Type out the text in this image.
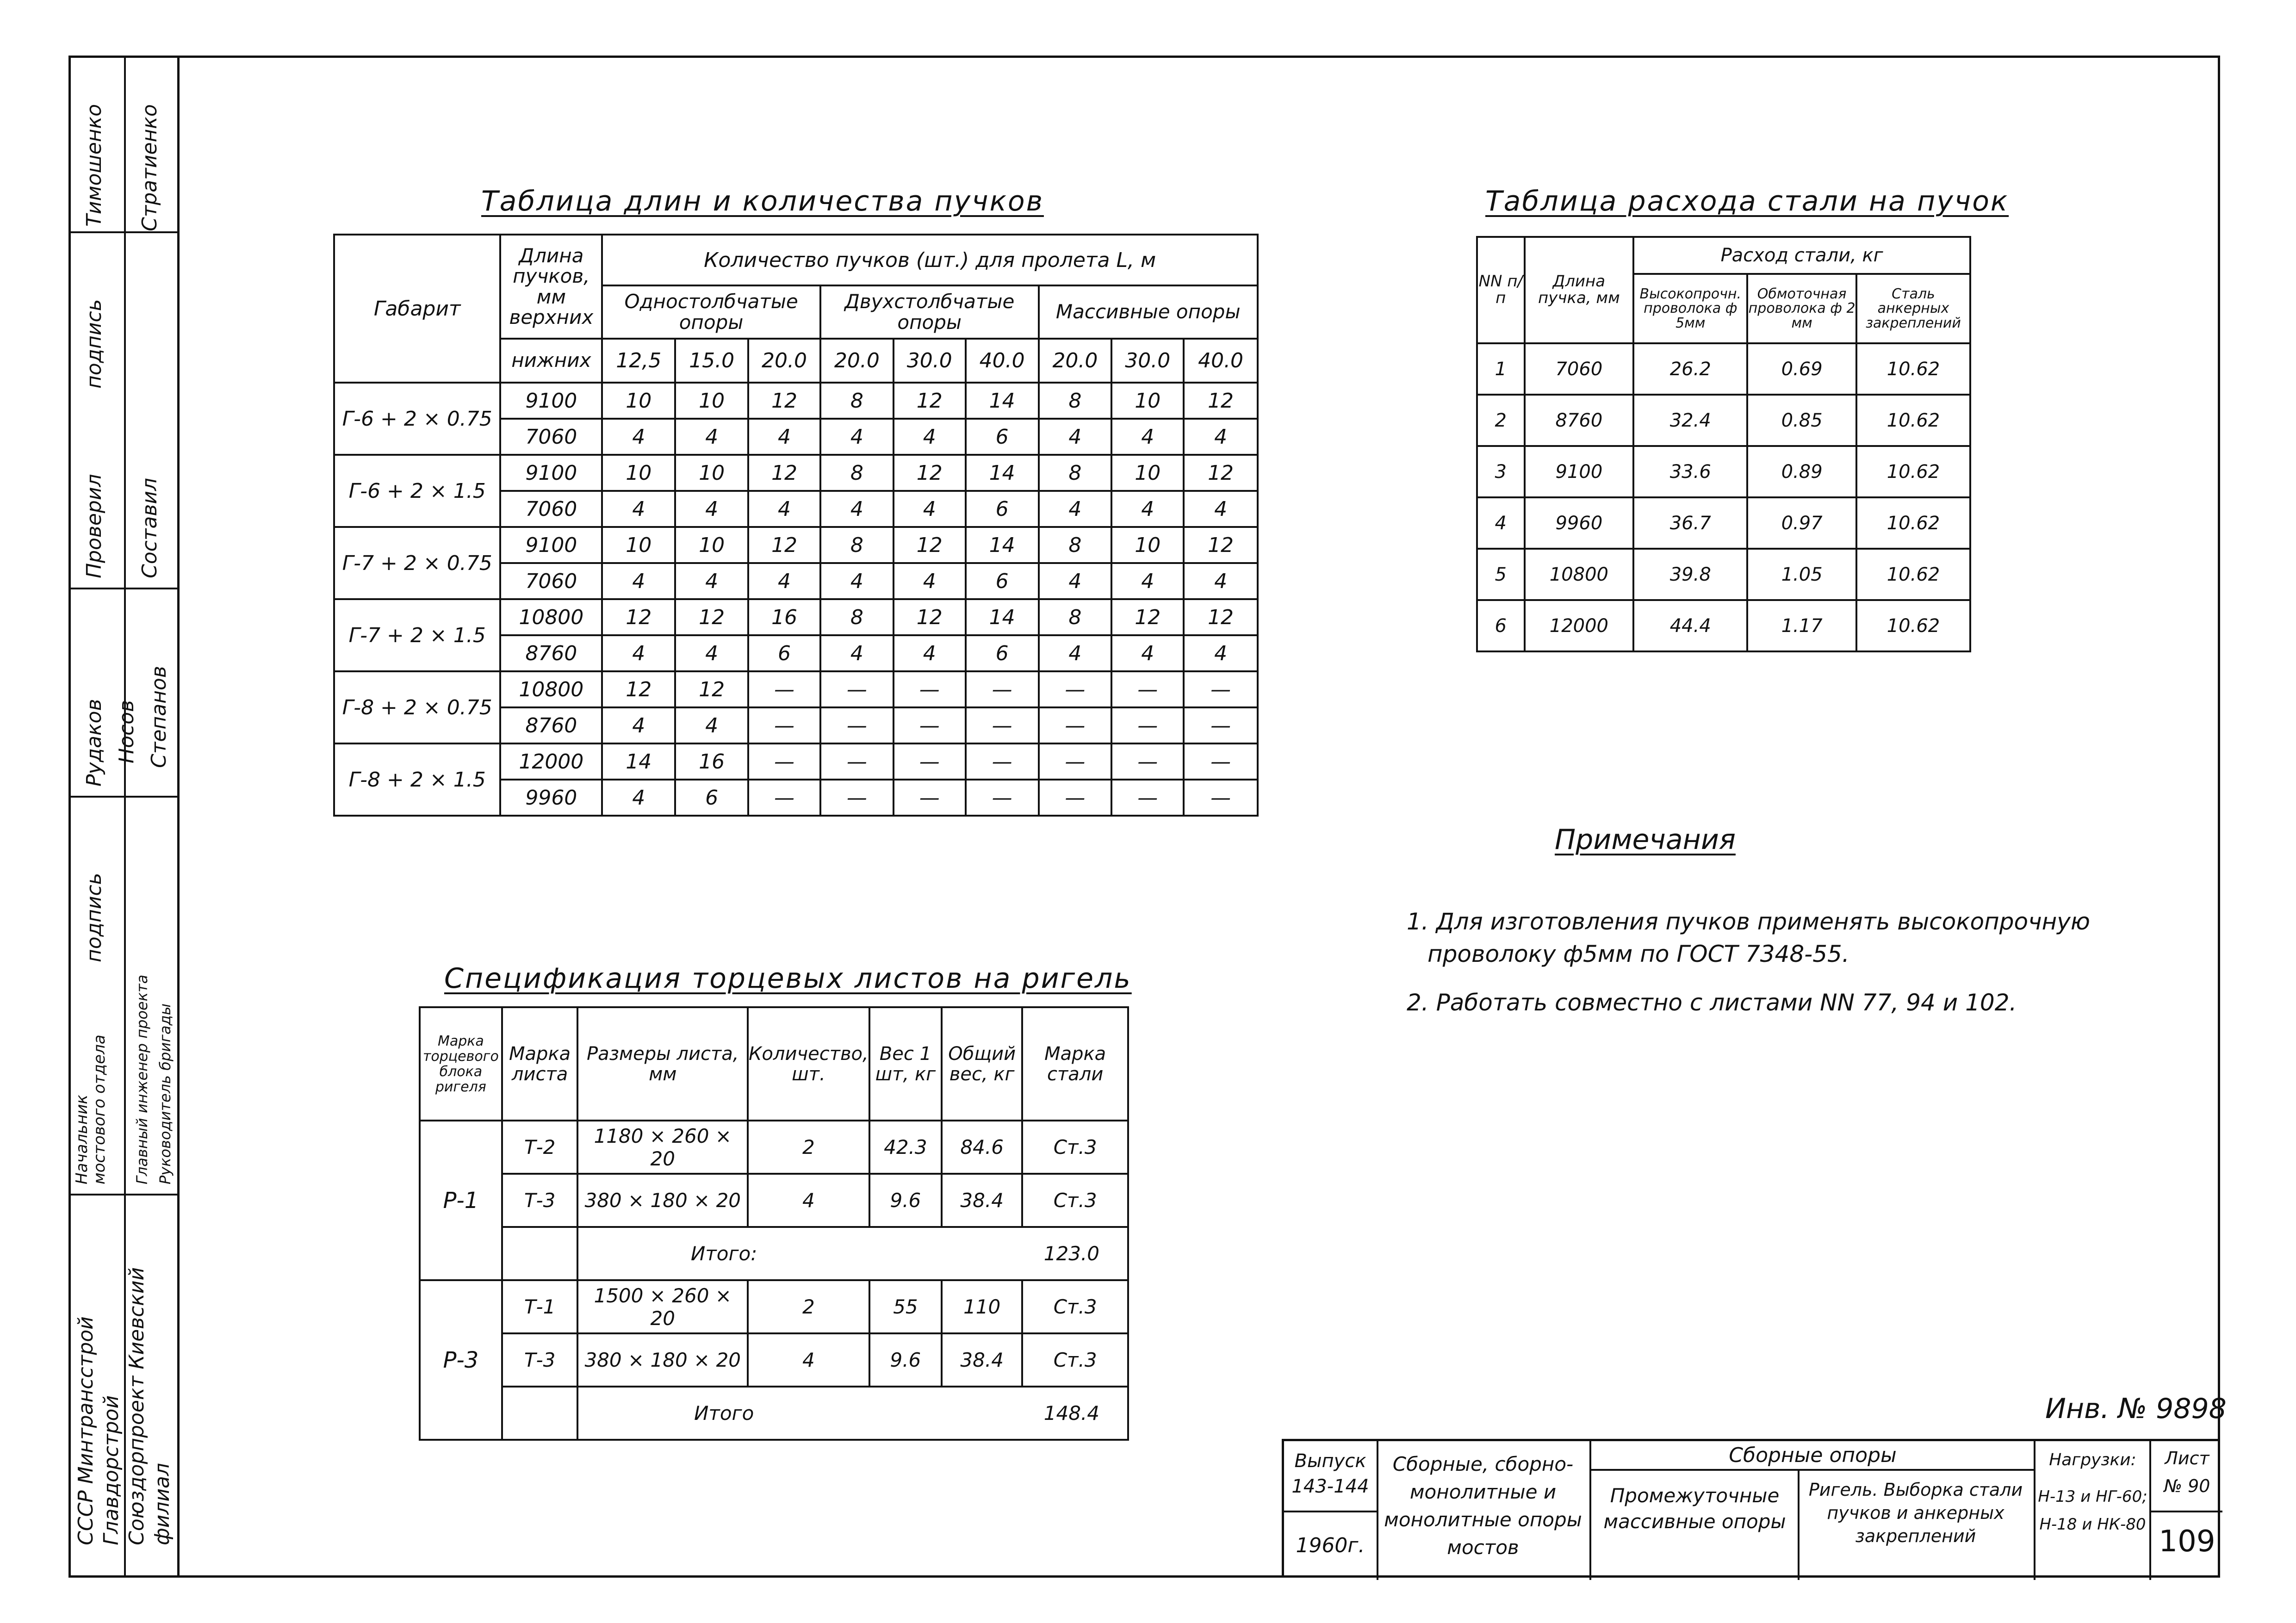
СССР Минтрансстрой Главдорстрой Союздорпроект Киевский филиал
Начальник мостового отдела Главный инженер проекта Руководитель бригады
подпись
Рудаков Носов Степанов
Проверил Составил
подпись
Тимошенко Стратиенко	Таблица длин и количества пучков
Габарит	Длина пучков, мм
верхних	Количество пучков (шт.) для пролета L, м								
		Одностолбчатые опоры			Двухстолбчатые опоры			Массивные опоры		
	нижних	12,5	15.0	20.0	20.0	30.0	40.0	20.0	30.0	40.0
Г-6 + 2 × 0.75	9100	10	10	12	8	12	14	8	10	12
	7060	4	4	4	4	4	6	4	4	4
Г-6 + 2 × 1.5	9100	10	10	12	8	12	14	8	10	12
	7060	4	4	4	4	4	6	4	4	4
Г-7 + 2 × 0.75	9100	10	10	12	8	12	14	8	10	12
	7060	4	4	4	4	4	6	4	4	4
Г-7 + 2 × 1.5	10800	12	12	16	8	12	14	8	12	12
	8760	4	4	6	4	4	6	4	4	4
Г-8 + 2 × 0.75	10800	12	12	—	—	—	—	—	—	—
	8760	4	4	—	—	—	—	—	—	—
Г-8 + 2 × 1.5	12000	14	16	—	—	—	—	—	—	—
	9960	4	6	—	—	—	—	—	—	—
Таблица расхода стали на пучок
NN п/п	Длина пучка, мм	Расход стали, кг		
		Высокопрочн. проволока ф 5мм	Обмоточная проволока ф 2 мм	Сталь анкерных закреплений
1	7060	26.2	0.69	10.62
2	8760	32.4	0.85	10.62
3	9100	33.6	0.89	10.62
4	9960	36.7	0.97	10.62
5	10800	39.8	1.05	10.62
6	12000	44.4	1.17	10.62
Спецификация торцевых листов на ригель
Марка торцевого блока ригеля	Марка листа	Размеры листа, мм	Количество, шт.	Вес 1 шт, кг	Общий вес, кг	Марка стали
Р-1	Т-2	1180 × 260 × 20	2	42.3	84.6	Ст.3
	Т-3	380 × 180 × 20	4	9.6	38.4	Ст.3
		Итого:		123.0		
Р-3	Т-1	1500 × 260 × 20	2	55	110	Ст.3
	Т-3	380 × 180 × 20	4	9.6	38.4	Ст.3
		Итого		148.4		
Примечания
1. Для изготовления пучков применять высокопрочную
проволоку ф5мм по ГОСТ 7348-55.
2. Работать совместно с листами NN 77, 94 и 102.
Инв. № 9898
Выпуск
143-144
1960г.
Сборные, сборно-монолитные и монолитные опоры мостов
Сборные опоры
Промежуточные массивные опоры
Ригель. Выборка стали пучков и анкерных закреплений
Нагрузки:
Н-13 и НГ-60; Н-18 и НК-80
Лист
№ 90
109
